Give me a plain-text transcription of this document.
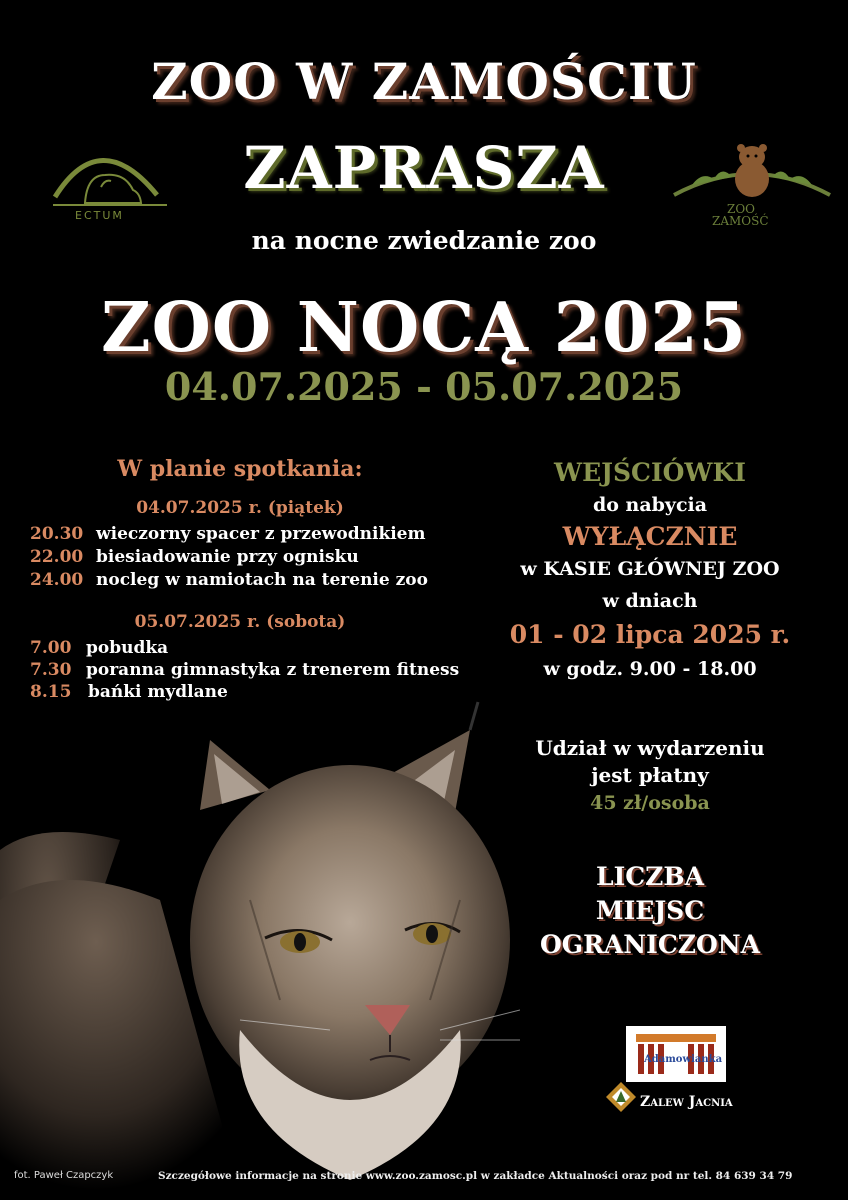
ZOO W ZAMOŚCIU
ZAPRASZA
na nocne zwiedzanie zoo
ZOO NOCĄ 2025
04.07.2025 - 05.07.2025
ECTUM	ZOO
ZAMOŚĆ
W planie spotkania:
04.07.2025 r. (piątek)
20.30 wieczorny spacer z przewodnikiem
22.00 biesiadowanie przy ognisku
24.00 nocleg w namiotach na terenie zoo
05.07.2025 r. (sobota)
7.00 pobudka
7.30 poranna gimnastyka z trenerem fitness
8.15 bańki mydlane
WEJŚCIÓWKI
do nabycia
WYŁĄCZNIE
w KASIE GŁÓWNEJ ZOO
w dniach
01 - 02 lipca 2025 r.
w godz. 9.00 - 18.00
Udział w wydarzeniu
jest płatny
45 zł/osoba
LICZBA
MIEJSC
OGRANICZONA
Adamowianka
Zalew Jacnia
fot. Paweł Czapczyk	Szczegółowe informacje na stronie www.zoo.zamosc.pl w zakładce Aktualności oraz pod nr tel. 84 639 34 79
